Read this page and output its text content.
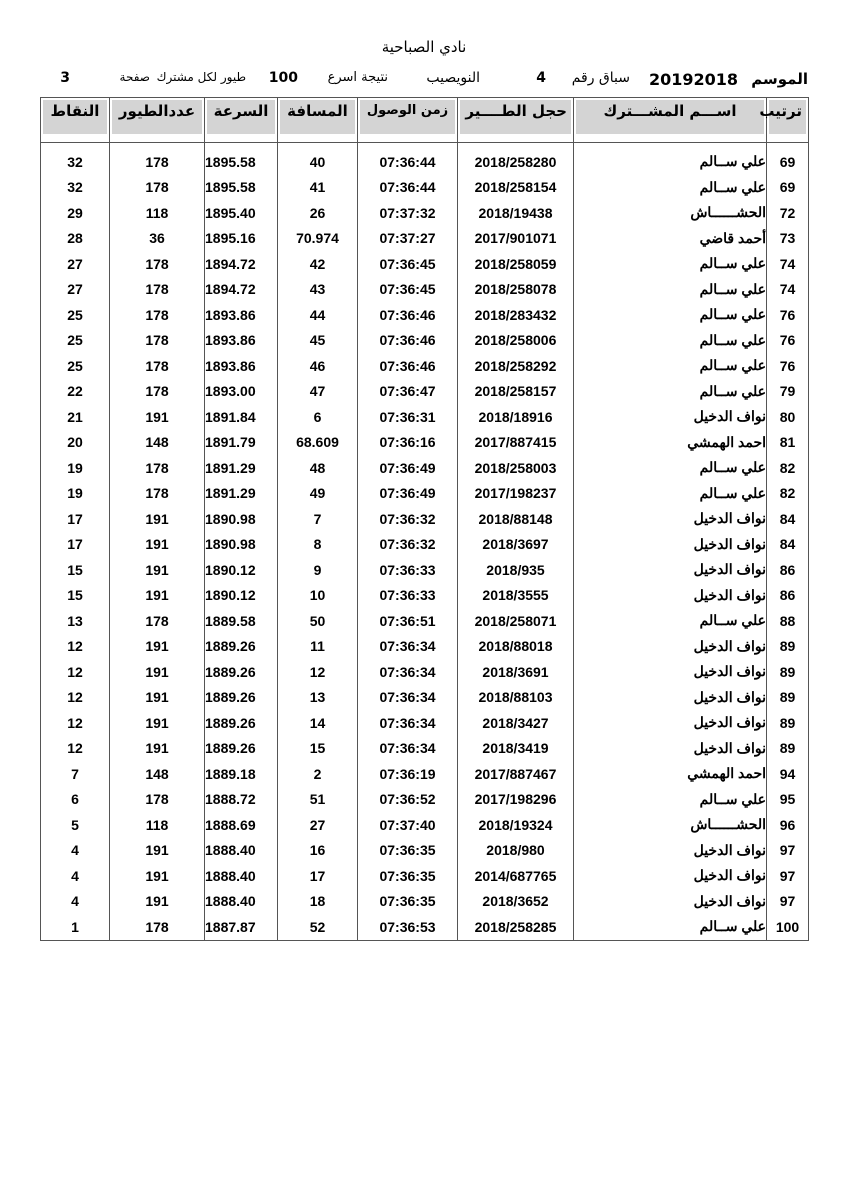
نادي الصباحية
الموسم
20192018
سباق رقم
4
النويصيب
نتيجة اسرع
100
طيور لكل مشترك
صفحة
3
ترتيب	اســـم المشـــترك	حجل الطــــير	زمن الوصول	المسافة	السرعة	عددالطيور	النقاط

69	علي ســالم	2018/258280	07:36:44	40	1895.58	178	32
69	علي ســالم	2018/258154	07:36:44	41	1895.58	178	32
72	الحشــــــاش	2018/19438	07:37:32	26	1895.40	118	29
73	أحمد قاضي	2017/901071	07:37:27	70.974	1895.16	36	28
74	علي ســالم	2018/258059	07:36:45	42	1894.72	178	27
74	علي ســالم	2018/258078	07:36:45	43	1894.72	178	27
76	علي ســالم	2018/283432	07:36:46	44	1893.86	178	25
76	علي ســالم	2018/258006	07:36:46	45	1893.86	178	25
76	علي ســالم	2018/258292	07:36:46	46	1893.86	178	25
79	علي ســالم	2018/258157	07:36:47	47	1893.00	178	22
80	نواف الدخيل	2018/18916	07:36:31	6	1891.84	191	21
81	احمد الهمشي	2017/887415	07:36:16	68.609	1891.79	148	20
82	علي ســالم	2018/258003	07:36:49	48	1891.29	178	19
82	علي ســالم	2017/198237	07:36:49	49	1891.29	178	19
84	نواف الدخيل	2018/88148	07:36:32	7	1890.98	191	17
84	نواف الدخيل	2018/3697	07:36:32	8	1890.98	191	17
86	نواف الدخيل	2018/935	07:36:33	9	1890.12	191	15
86	نواف الدخيل	2018/3555	07:36:33	10	1890.12	191	15
88	علي ســالم	2018/258071	07:36:51	50	1889.58	178	13
89	نواف الدخيل	2018/88018	07:36:34	11	1889.26	191	12
89	نواف الدخيل	2018/3691	07:36:34	12	1889.26	191	12
89	نواف الدخيل	2018/88103	07:36:34	13	1889.26	191	12
89	نواف الدخيل	2018/3427	07:36:34	14	1889.26	191	12
89	نواف الدخيل	2018/3419	07:36:34	15	1889.26	191	12
94	احمد الهمشي	2017/887467	07:36:19	2	1889.18	148	7
95	علي ســالم	2017/198296	07:36:52	51	1888.72	178	6
96	الحشــــــاش	2018/19324	07:37:40	27	1888.69	118	5
97	نواف الدخيل	2018/980	07:36:35	16	1888.40	191	4
97	نواف الدخيل	2014/687765	07:36:35	17	1888.40	191	4
97	نواف الدخيل	2018/3652	07:36:35	18	1888.40	191	4
100	علي ســالم	2018/258285	07:36:53	52	1887.87	178	1
